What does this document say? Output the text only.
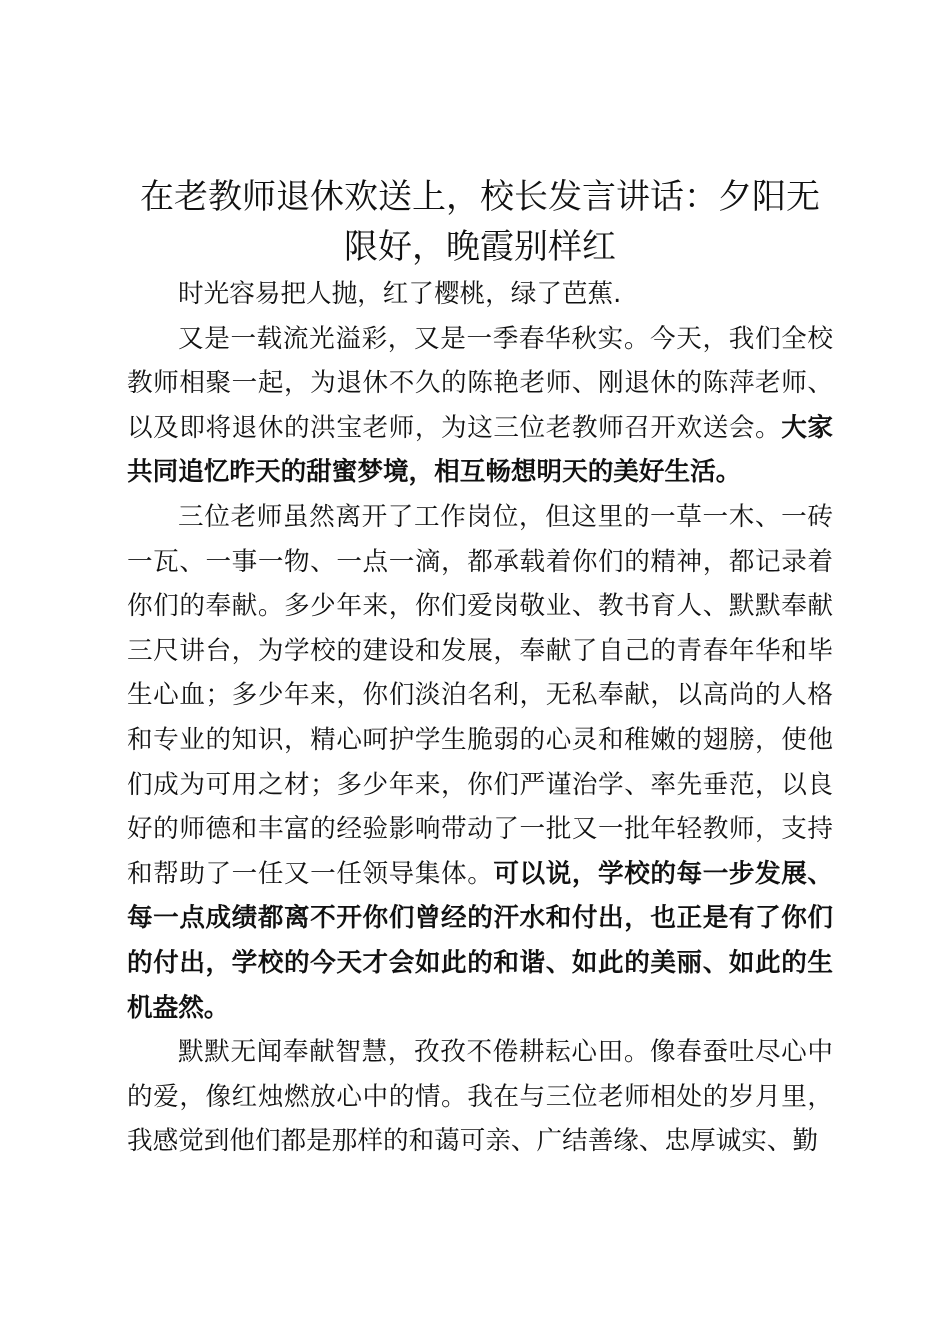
在老教师退休欢送上，校长发言讲话：夕阳无限好，晚霞别样红

时光容易把人抛，红了樱桃，绿了芭蕉.

又是一载流光溢彩，又是一季春华秋实。今天，我们全校教师相聚一起，为退休不久的陈艳老师、刚退休的陈萍老师、以及即将退休的洪宝老师，为这三位老教师召开欢送会。大家共同追忆昨天的甜蜜梦境，相互畅想明天的美好生活。

三位老师虽然离开了工作岗位，但这里的一草一木、一砖一瓦、一事一物、一点一滴，都承载着你们的精神，都记录着你们的奉献。多少年来，你们爱岗敬业、教书育人、默默奉献三尺讲台，为学校的建设和发展，奉献了自己的青春年华和毕生心血；多少年来，你们淡泊名利，无私奉献，以高尚的人格和专业的知识，精心呵护学生脆弱的心灵和稚嫩的翅膀，使他们成为可用之材；多少年来，你们严谨治学、率先垂范，以良好的师德和丰富的经验影响带动了一批又一批年轻教师，支持和帮助了一任又一任领导集体。可以说，学校的每一步发展、每一点成绩都离不开你们曾经的汗水和付出，也正是有了你们的付出，学校的今天才会如此的和谐、如此的美丽、如此的生机盎然。

默默无闻奉献智慧，孜孜不倦耕耘心田。像春蚕吐尽心中的爱，像红烛燃放心中的情。我在与三位老师相处的岁月里，我感觉到他们都是那样的和蔼可亲、广结善缘、忠厚诚实、勤
